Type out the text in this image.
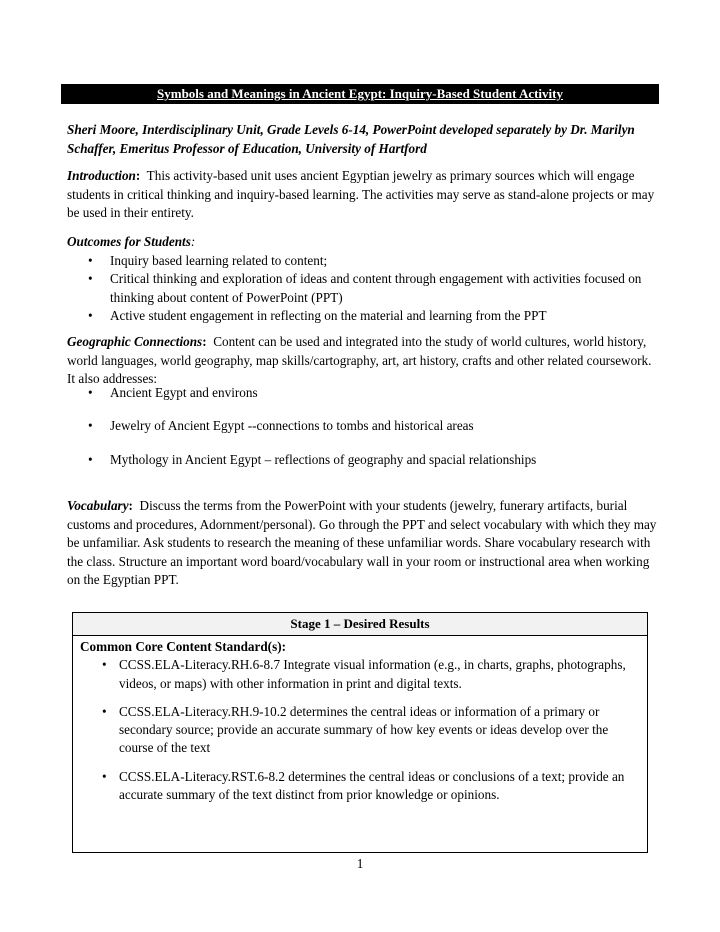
Symbols and Meanings in Ancient Egypt: Inquiry-Based Student Activity
Sheri Moore, Interdisciplinary Unit, Grade Levels 6-14, PowerPoint developed separately by Dr. Marilyn Schaffer, Emeritus Professor of Education, University of Hartford
Introduction: This activity-based unit uses ancient Egyptian jewelry as primary sources which will engage students in critical thinking and inquiry-based learning. The activities may serve as stand-alone projects or may be used in their entirety.
Outcomes for Students:
• Inquiry based learning related to content;
• Critical thinking and exploration of ideas and content through engagement with activities focused on thinking about content of PowerPoint (PPT)
• Active student engagement in reflecting on the material and learning from the PPT
Geographic Connections: Content can be used and integrated into the study of world cultures, world history, world languages, world geography, map skills/cartography, art, art history, crafts and other related coursework. It also addresses:
• Ancient Egypt and environs
• Jewelry of Ancient Egypt --connections to tombs and historical areas
• Mythology in Ancient Egypt – reflections of geography and spacial relationships
Vocabulary: Discuss the terms from the PowerPoint with your students (jewelry, funerary artifacts, burial customs and procedures, Adornment/personal). Go through the PPT and select vocabulary with which they may be unfamiliar. Ask students to research the meaning of these unfamiliar words. Share vocabulary research with the class. Structure an important word board/vocabulary wall in your room or instructional area when working on the Egyptian PPT.
Stage 1 – Desired Results
Common Core Content Standard(s):
• CCSS.ELA-Literacy.RH.6-8.7 Integrate visual information (e.g., in charts, graphs, photographs, videos, or maps) with other information in print and digital texts.
• CCSS.ELA-Literacy.RH.9-10.2 determines the central ideas or information of a primary or secondary source; provide an accurate summary of how key events or ideas develop over the course of the text
• CCSS.ELA-Literacy.RST.6-8.2 determines the central ideas or conclusions of a text; provide an accurate summary of the text distinct from prior knowledge or opinions.
1
